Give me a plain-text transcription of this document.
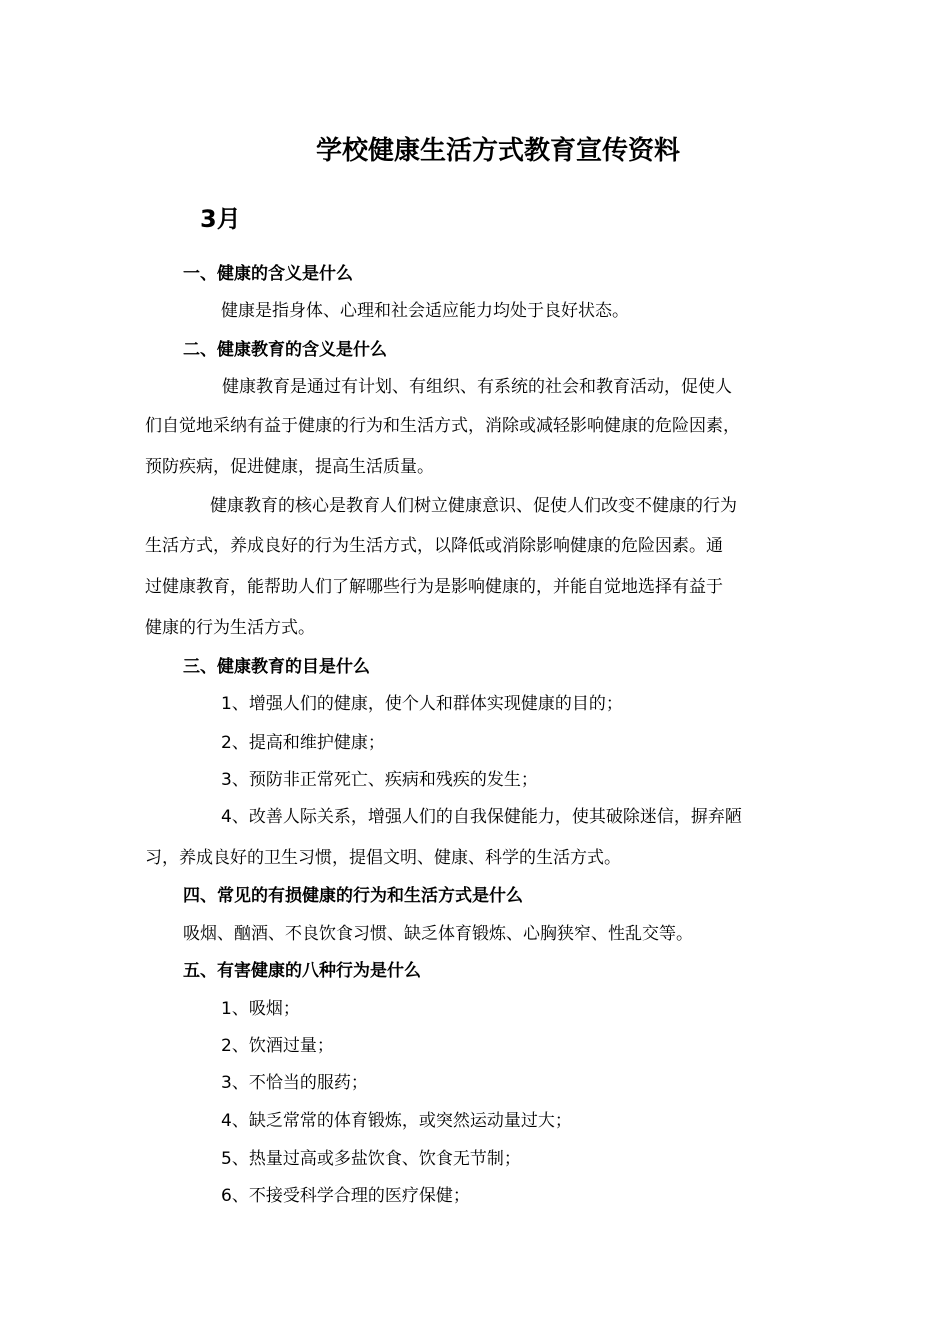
学校健康生活方式教育宣传资料
3月
一、健康的含义是什么
健康是指身体、心理和社会适应能力均处于良好状态。
二、健康教育的含义是什么
健康教育是通过有计划、有组织、有系统的社会和教育活动，促使人
们自觉地采纳有益于健康的行为和生活方式，消除或减轻影响健康的危险因素，
预防疾病，促进健康，提高生活质量。
健康教育的核心是教育人们树立健康意识、促使人们改变不健康的行为
生活方式，养成良好的行为生活方式，以降低或消除影响健康的危险因素。通
过健康教育，能帮助人们了解哪些行为是影响健康的，并能自觉地选择有益于
健康的行为生活方式。
三、健康教育的目是什么
1、增强人们的健康，使个人和群体实现健康的目的；
2、提高和维护健康；
3、预防非正常死亡、疾病和残疾的发生；
4、改善人际关系，增强人们的自我保健能力，使其破除迷信，摒弃陋
习，养成良好的卫生习惯，提倡文明、健康、科学的生活方式。
四、常见的有损健康的行为和生活方式是什么
吸烟、酗酒、不良饮食习惯、缺乏体育锻炼、心胸狭窄、性乱交等。
五、有害健康的八种行为是什么
1、吸烟；
2、饮酒过量；
3、不恰当的服药；
4、缺乏常常的体育锻炼，或突然运动量过大；
5、热量过高或多盐饮食、饮食无节制；
6、不接受科学合理的医疗保健；
